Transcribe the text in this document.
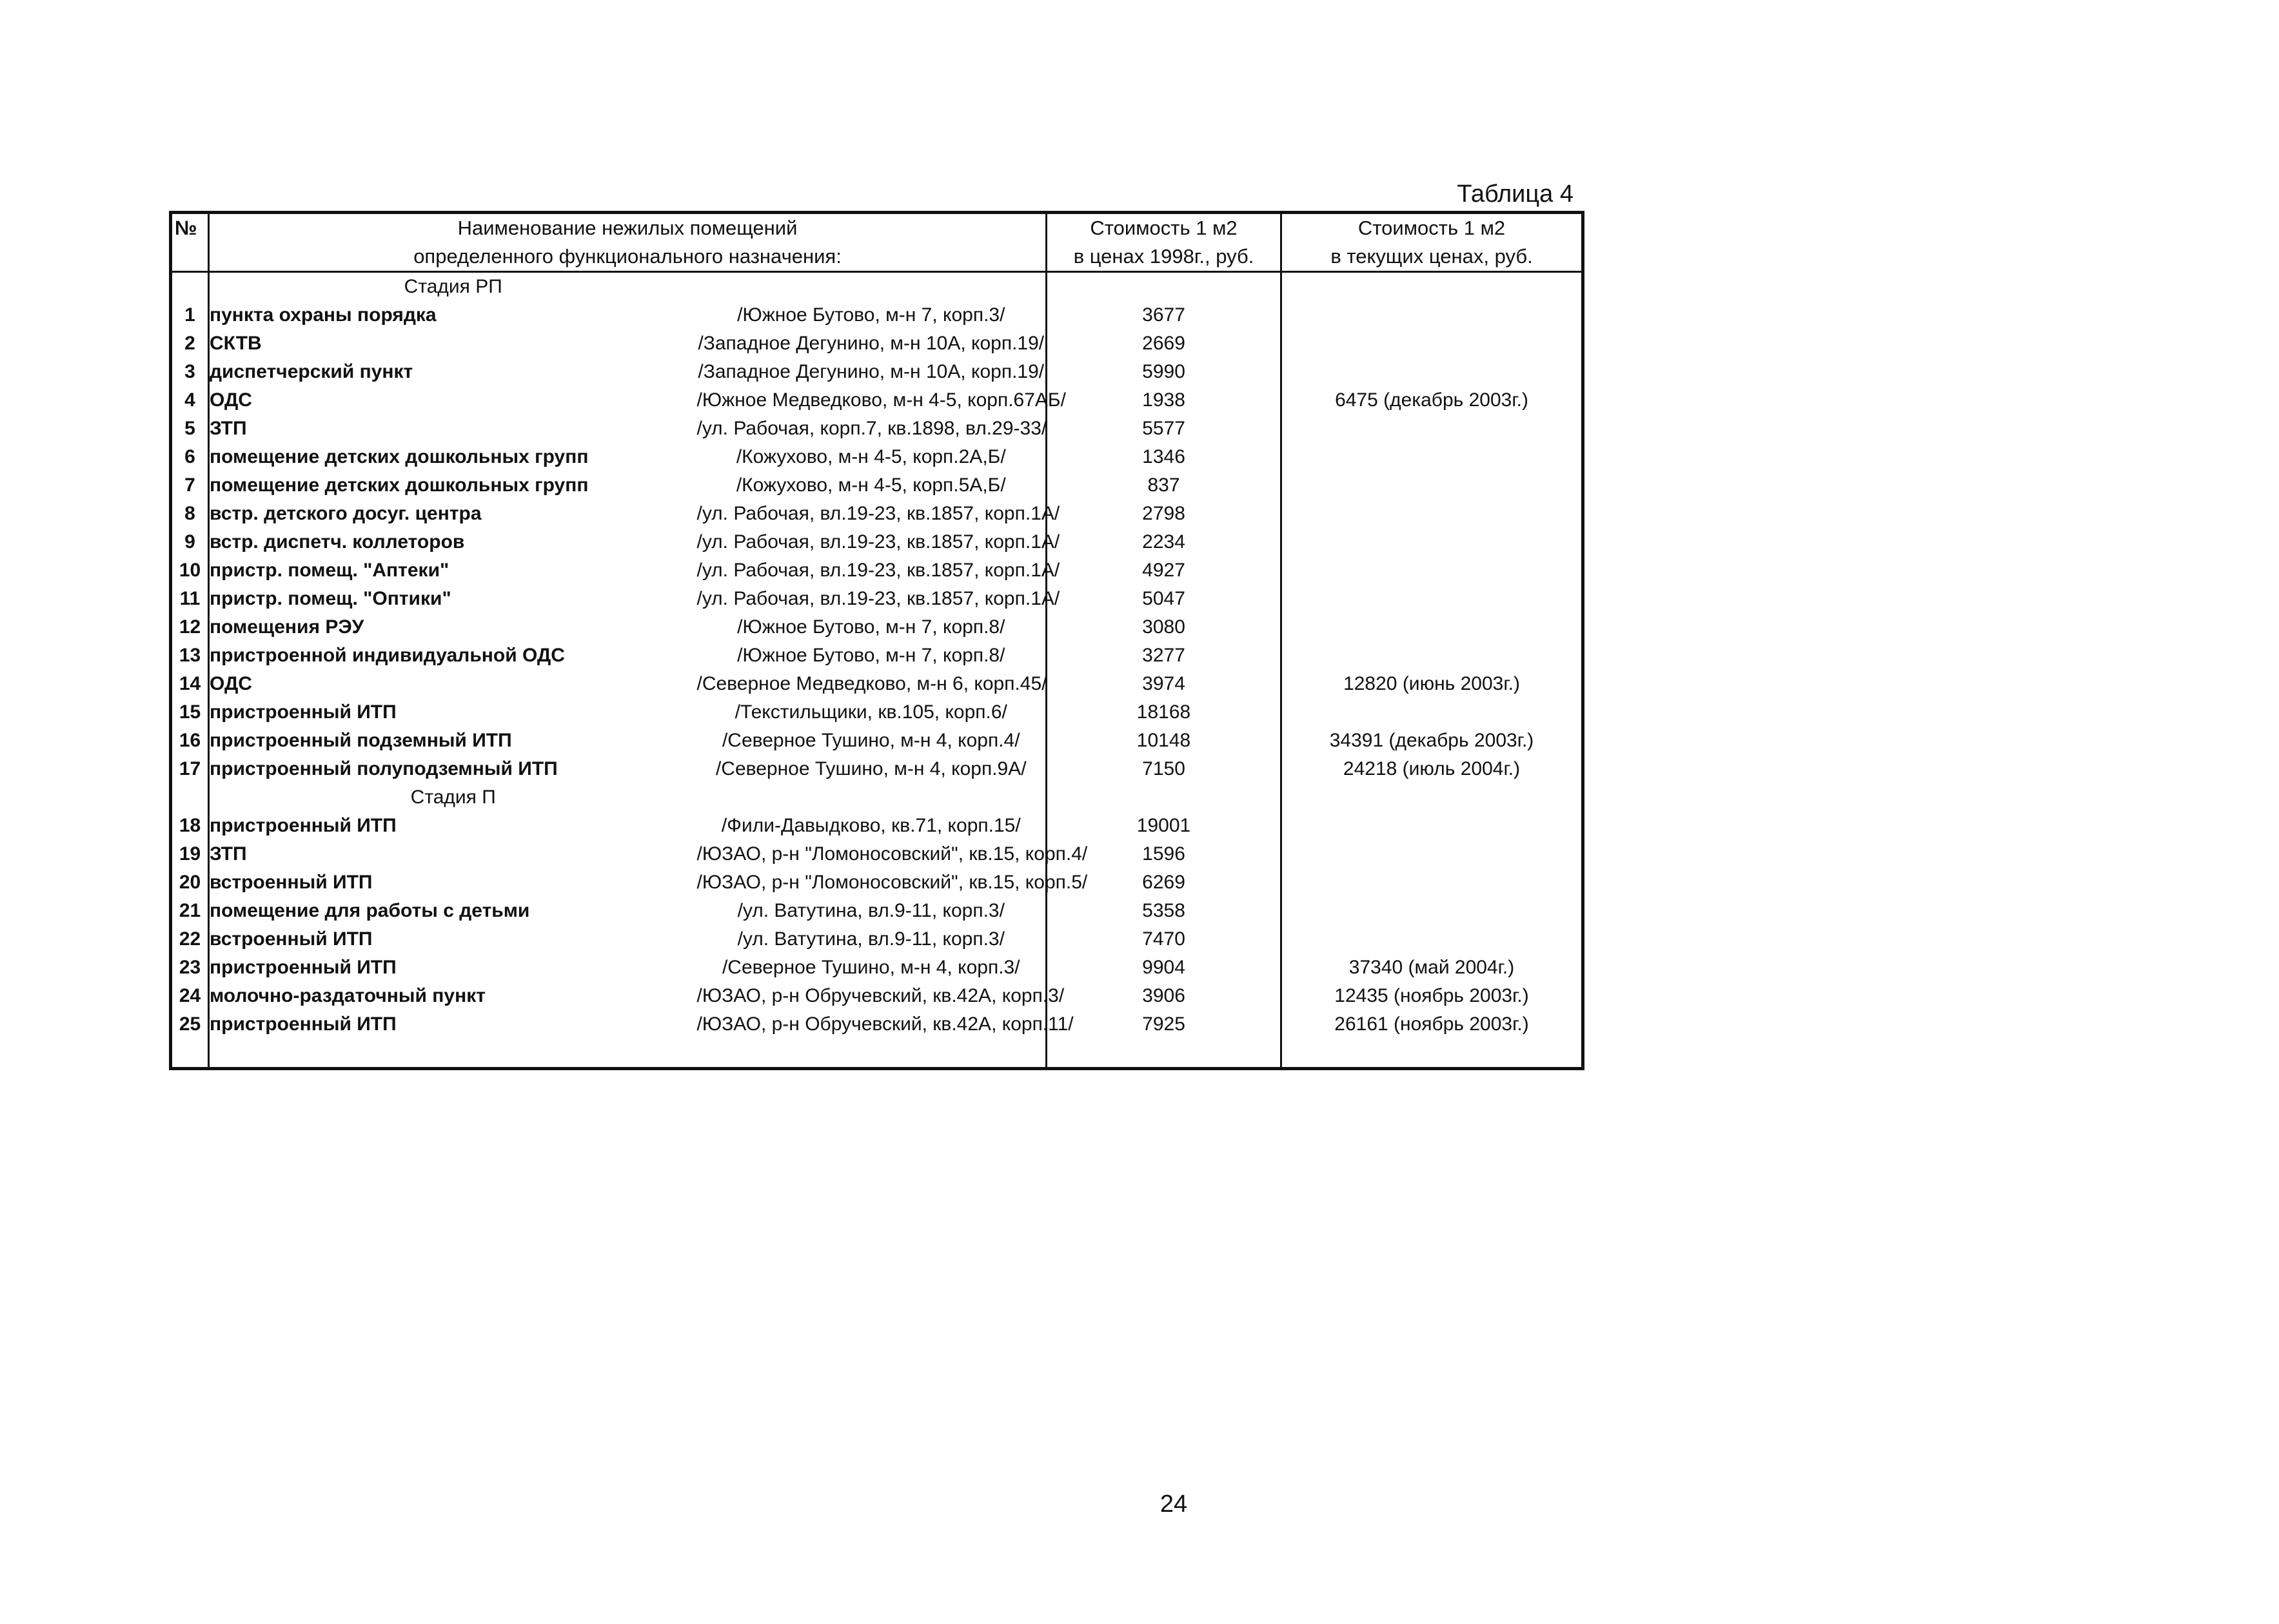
Таблица 4
№	Наименование нежилых помещений		Стоимость 1 м2	Стоимость 1 м2
	определенного функционального назначения:		в ценах 1998г., руб.	в текущих ценах, руб.
	Стадия РП			
1	пункта охраны порядка	/Южное Бутово, м-н 7, корп.3/	3677	
2	СКТВ	/Западное Дегунино, м-н 10А, корп.19/	2669	
3	диспетчерский пункт	/Западное Дегунино, м-н 10А, корп.19/	5990	
4	ОДС	/Южное Медведково, м-н 4-5, корп.67АБ/	1938	6475 (декабрь 2003г.)
5	ЗТП	/ул. Рабочая, корп.7, кв.1898, вл.29-33/	5577	
6	помещение детских дошкольных групп	/Кожухово, м-н 4-5, корп.2А,Б/	1346	
7	помещение детских дошкольных групп	/Кожухово, м-н 4-5, корп.5А,Б/	837	
8	встр. детского досуг. центра	/ул. Рабочая, вл.19-23, кв.1857, корп.1А/	2798	
9	встр. диспетч. коллеторов	/ул. Рабочая, вл.19-23, кв.1857, корп.1А/	2234	
10	пристр. помещ. "Аптеки"	/ул. Рабочая, вл.19-23, кв.1857, корп.1А/	4927	
11	пристр. помещ. "Оптики"	/ул. Рабочая, вл.19-23, кв.1857, корп.1А/	5047	
12	помещения РЭУ	/Южное Бутово, м-н 7, корп.8/	3080	
13	пристроенной индивидуальной ОДС	/Южное Бутово, м-н 7, корп.8/	3277	
14	ОДС	/Северное Медведково, м-н 6, корп.45/	3974	12820 (июнь 2003г.)
15	пристроенный ИТП	/Текстильщики, кв.105, корп.6/	18168	
16	пристроенный подземный ИТП	/Северное Тушино, м-н 4, корп.4/	10148	34391 (декабрь 2003г.)
17	пристроенный полуподземный ИТП	/Северное Тушино, м-н 4, корп.9А/	7150	24218 (июль 2004г.)
	Стадия П			
18	пристроенный ИТП	/Фили-Давыдково, кв.71, корп.15/	19001	
19	ЗТП	/ЮЗАО, р-н "Ломоносовский", кв.15, корп.4/	1596	
20	встроенный ИТП	/ЮЗАО, р-н "Ломоносовский", кв.15, корп.5/	6269	
21	помещение для работы с детьми	/ул. Ватутина, вл.9-11, корп.3/	5358	
22	встроенный ИТП	/ул. Ватутина, вл.9-11, корп.3/	7470	
23	пристроенный ИТП	/Северное Тушино, м-н 4, корп.3/	9904	37340 (май 2004г.)
24	молочно-раздаточный пункт	/ЮЗАО, р-н Обручевский, кв.42А, корп.3/	3906	12435 (ноябрь 2003г.)
25	пристроенный ИТП	/ЮЗАО, р-н Обручевский, кв.42А, корп.11/	7925	26161 (ноябрь 2003г.)

24
